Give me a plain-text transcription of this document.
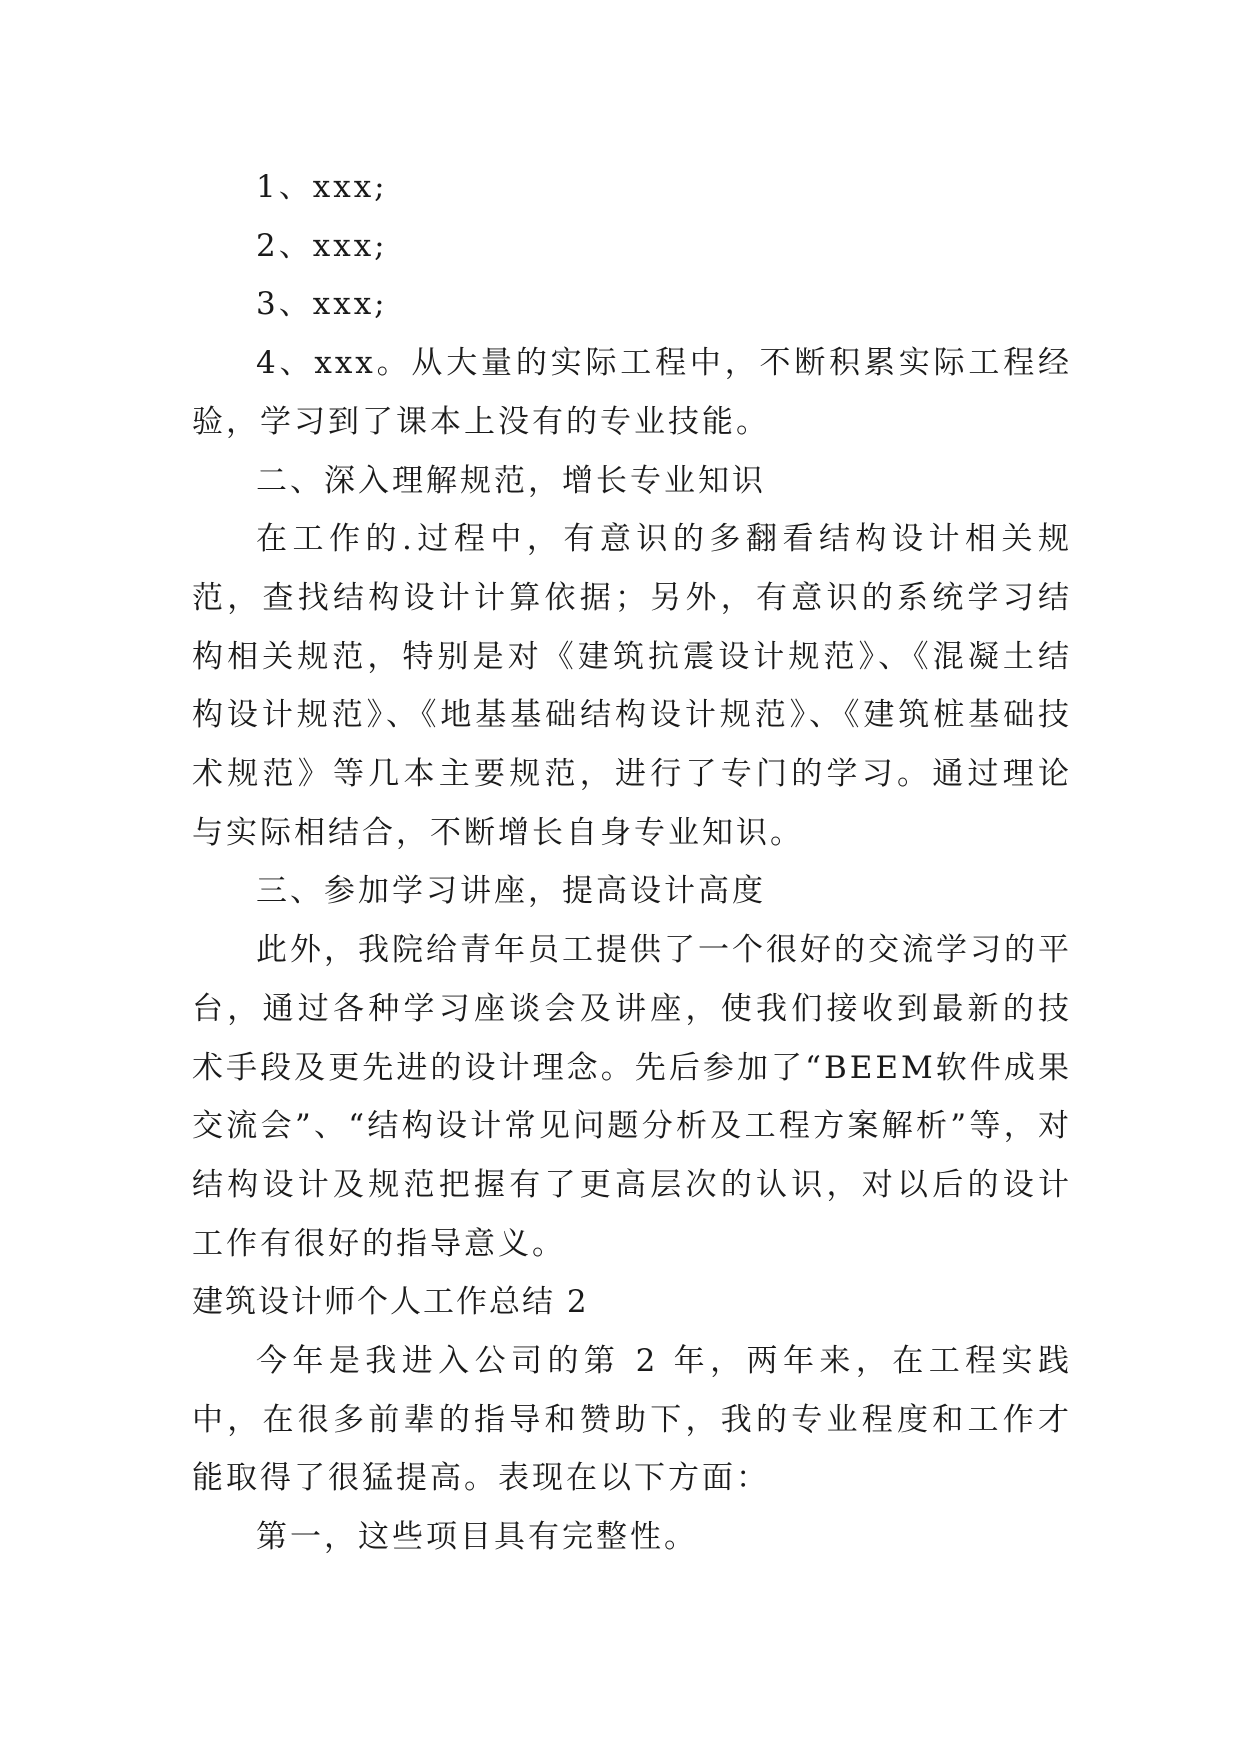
1、xxx;

2、xxx;

3、xxx;

4、xxx。从大量的实际工程中，不断积累实际工程经验，学习到了课本上没有的专业技能。

二、深入理解规范，增长专业知识

在工作的.过程中，有意识的多翻看结构设计相关规范，查找结构设计计算依据；另外，有意识的系统学习结构相关规范，特别是对《建筑抗震设计规范》、《混凝土结构设计规范》、《地基基础结构设计规范》、《建筑桩基础技术规范》等几本主要规范，进行了专门的学习。通过理论与实际相结合，不断增长自身专业知识。

三、参加学习讲座，提高设计高度

此外，我院给青年员工提供了一个很好的交流学习的平台，通过各种学习座谈会及讲座，使我们接收到最新的技术手段及更先进的设计理念。先后参加了“BEEM软件成果交流会”、“结构设计常见问题分析及工程方案解析”等，对结构设计及规范把握有了更高层次的认识，对以后的设计工作有很好的指导意义。

建筑设计师个人工作总结 2

今年是我进入公司的第 2 年，两年来，在工程实践中，在很多前辈的指导和赞助下，我的专业程度和工作才能取得了很猛提高。表现在以下方面：

第一，这些项目具有完整性。
